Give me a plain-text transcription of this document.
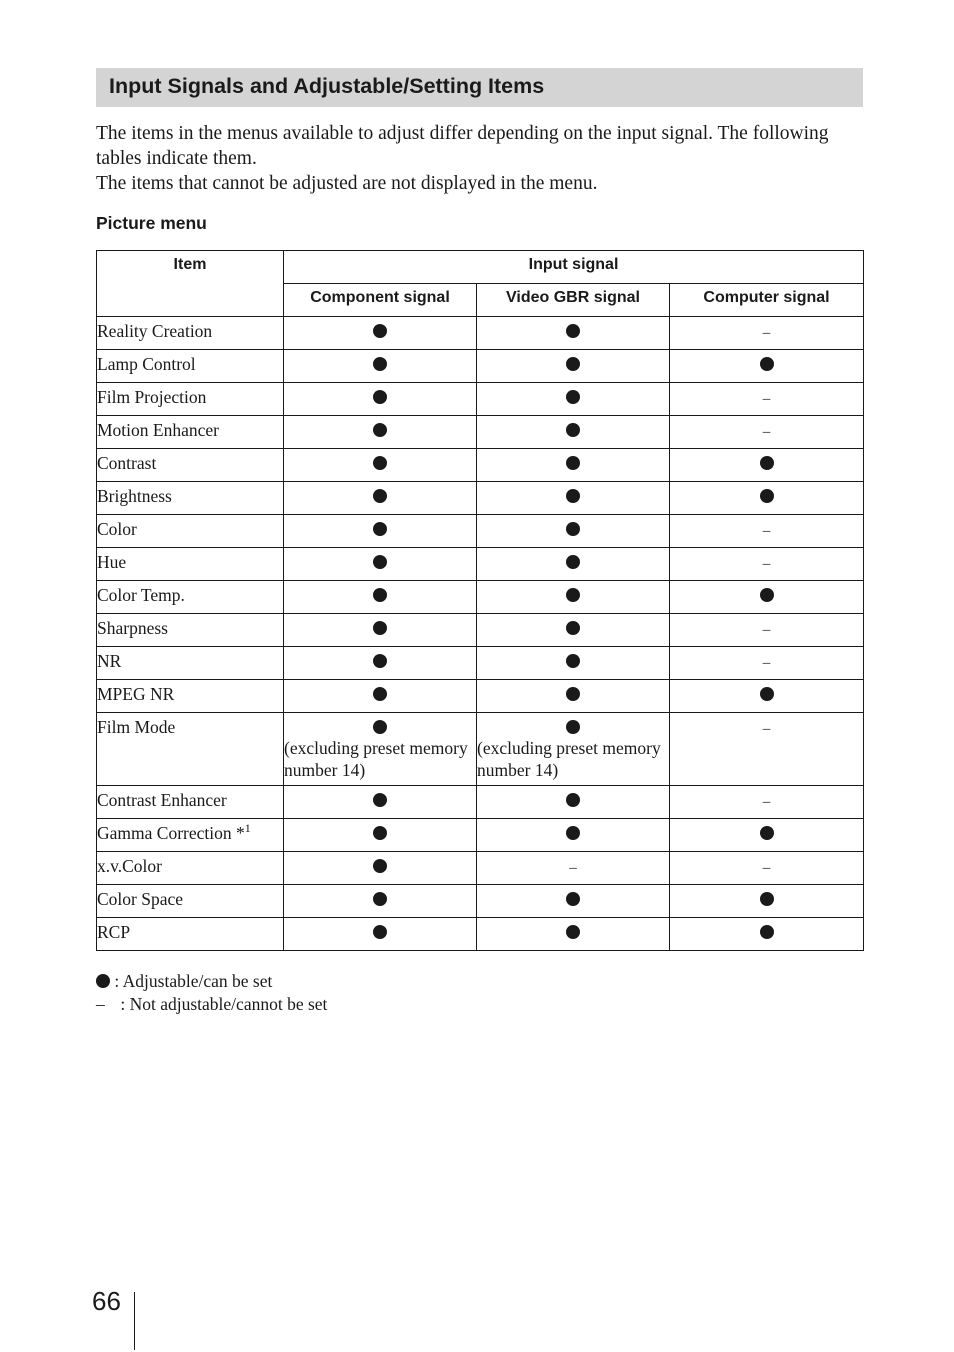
Input Signals and Adjustable/Setting Items

The items in the menus available to adjust differ depending on the input signal. The following tables indicate them.

The items that cannot be adjusted are not displayed in the menu.

Picture menu
Item	Input signal		
	Component signal	Video GBR signal	Computer signal
Reality Creation			–
Lamp Control			
Film Projection			–
Motion Enhancer			–
Contrast			
Brightness			
Color			–
Hue			–
Color Temp.			
Sharpness			–
NR			–
MPEG NR			
Film Mode	(excluding preset memory number 14)	(excluding preset memory number 14)	–
Contrast Enhancer			–
Gamma Correction *$^1$			
x.v.Color		–	–
Color Space			
RCP			
: Adjustable/can be set
– : Not adjustable/cannot be set
66
